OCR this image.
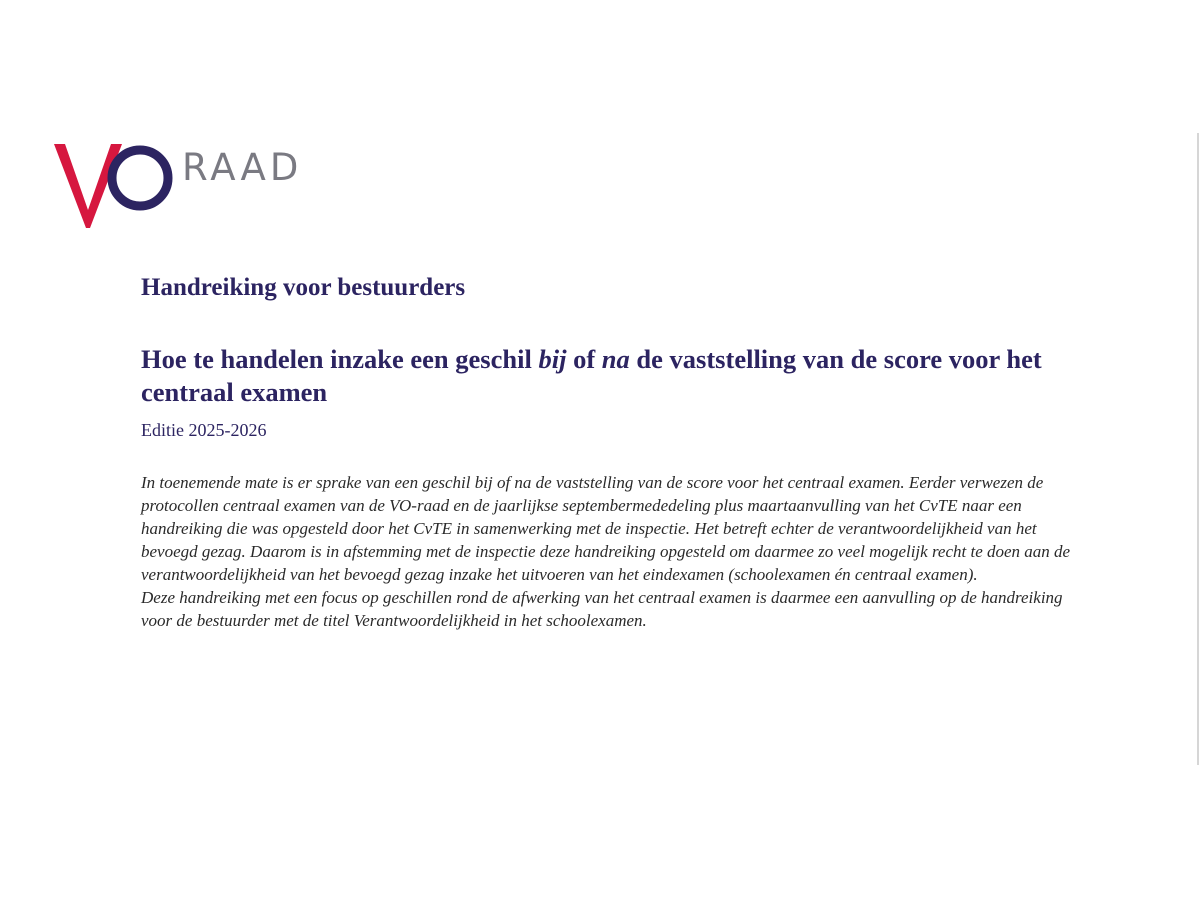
RAAD
Handreiking voor bestuurders
Hoe te handelen inzake een geschil bij of na de vaststelling van de score voor het centraal examen

Editie 2025-2026

In toenemende mate is er sprake van een geschil bij of na de vaststelling van de score voor het centraal examen. Eerder verwezen de protocollen centraal examen van de VO-raad en de jaarlijkse septembermededeling plus maartaanvulling van het CvTE naar een handreiking die was opgesteld door het CvTE in samenwerking met de inspectie. Het betreft echter de verantwoordelijkheid van het bevoegd gezag. Daarom is in afstemming met de inspectie deze handreiking opgesteld om daarmee zo veel mogelijk recht te doen aan de verantwoordelijkheid van het bevoegd gezag inzake het uitvoeren van het eindexamen (schoolexamen én centraal examen).

Deze handreiking met een focus op geschillen rond de afwerking van het centraal examen is daarmee een aanvulling op de handreiking voor de bestuurder met de titel Verantwoordelijkheid in het schoolexamen.
